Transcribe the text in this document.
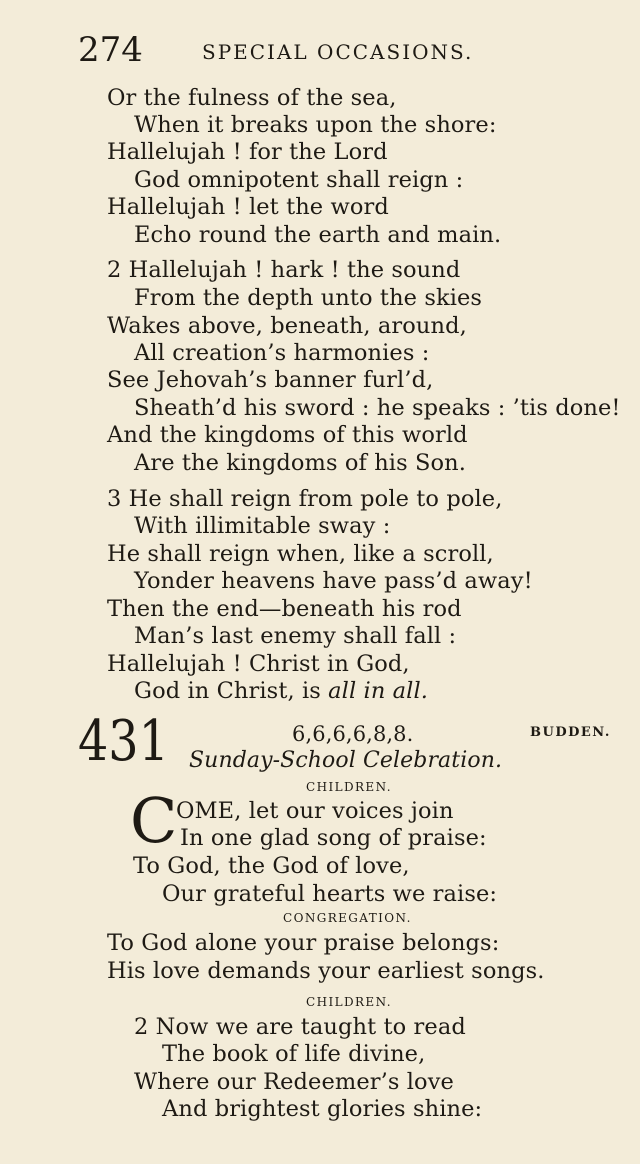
274	SPECIAL OCCASIONS.
Or the fulness of the sea,
When it breaks upon the shore:
Hallelujah ! for the Lord
God omnipotent shall reign :
Hallelujah ! let the word
Echo round the earth and main.
2 Hallelujah ! hark ! the sound
From the depth unto the skies
Wakes above, beneath, around,
All creation’s harmonies :
See Jehovah’s banner furl’d,
Sheath’d his sword : he speaks : ’tis done!
And the kingdoms of this world
Are the kingdoms of his Son.
3 He shall reign from pole to pole,
With illimitable sway :
He shall reign when, like a scroll,
Yonder heavens have pass’d away!
Then the end—beneath his rod
Man’s last enemy shall fall :
Hallelujah ! Christ in God,
God in Christ, is all in all.
431	6,6,6,6,8,8.	BUDDEN.
Sunday-School Celebration.
CHILDREN.
C
OME, let our voices join
In one glad song of praise:
To God, the God of love,
Our grateful hearts we raise:
CONGREGATION.
To God alone your praise belongs:
His love demands your earliest songs.
CHILDREN.
2 Now we are taught to read
The book of life divine,
Where our Redeemer’s love
And brightest glories shine:
